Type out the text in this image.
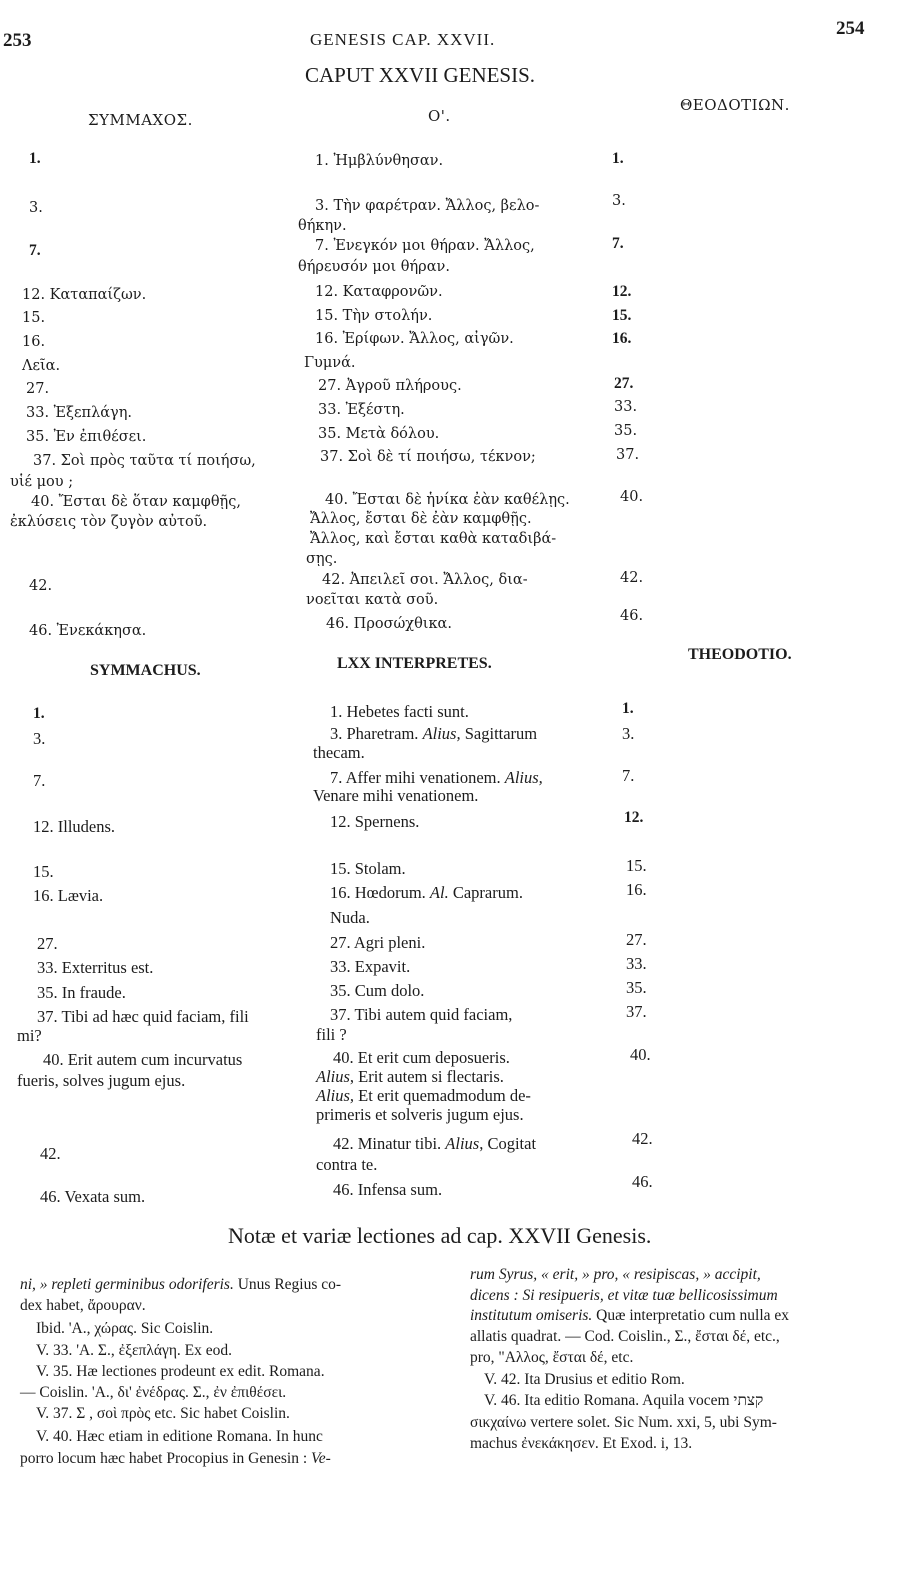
253
254
GENESIS CAP. XXVII.
CAPUT XXVII GENESIS.
ΣΥΜΜΑΧΟΣ.	O'.
ΘΕΟΔΟΤΙΩΝ.
1.
3.
7.
12. Καταπαίζων.
15.
16.
Λεῖα.
27.
33. Ἐξεπλάγη.
35. Ἐν ἐπιθέσει.
37. Σοὶ πρὸς ταῦτα τί ποιήσω,
υἱέ μου ;
40. Ἔσται δὲ ὅταν καμφθῇς,
ἐκλύσεις τὸν ζυγὸν αὐτοῦ.
42.
46. Ἐνεκάκησα.
1. Ἠμβλύνθησαν.
3. Τὴν φαρέτραν. Ἄλλος, βελο-
θήκην.
7. Ἐνεγκόν μοι θήραν. Ἄλλος,
θήρευσόν μοι θήραν.
12. Καταφρονῶν.
15. Τὴν στολήν.
16. Ἐρίφων. Ἄλλος, αἰγῶν.
Γυμνά.
27. Ἀγροῦ πλήρους.
33. Ἐξέστη.
35. Μετὰ δόλου.
37. Σοὶ δὲ τί ποιήσω, τέκνον;
40. Ἔσται δὲ ἡνίκα ἐὰν καθέλῃς.
Ἄλλος, ἔσται δὲ ἐὰν καμφθῇς.
Ἄλλος, καὶ ἔσται καθὰ καταδιβά-
σῃς.
42. Ἀπειλεῖ σοι. Ἄλλος, δια-
νοεῖται κατὰ σοῦ.
46. Προσώχθικα.
1.
3.
7.
12.
15.
16.
27.
33.
35.
37.
40.
42.
46.
SYMMACHUS.	LXX INTERPRETES.
THEODOTIO.
1.
3.
7.
12. Illudens.
15.
16. Lævia.
27.
33. Exterritus est.
35. In fraude.
37. Tibi ad hæc quid faciam, fili
mi?
40. Erit autem cum incurvatus
fueris, solves jugum ejus.
42.
46. Vexata sum.
1. Hebetes facti sunt.
3. Pharetram. Alius, Sagittarum
thecam.
7. Affer mihi venationem. Alius,
Venare mihi venationem.
12. Spernens.
15. Stolam.
16. Hœdorum. Al. Caprarum.
Nuda.
27. Agri pleni.
33. Expavit.
35. Cum dolo.
37. Tibi autem quid faciam,
fili ?
40. Et erit cum deposueris.
Alius, Erit autem si flectaris.
Alius, Et erit quemadmodum de-
primeris et solveris jugum ejus.
42. Minatur tibi. Alius, Cogitat
contra te.
46. Infensa sum.
1.
3.
7.
12.
15.
16.
27.
33.
35.
37.
40.
42.
46.
Notæ et variæ lectiones ad cap. XXVII Genesis.
ni, » repleti germinibus odoriferis. Unus Regius co-
dex habet, ἄρουραν.
Ibid. 'Α., χώρας. Sic Coislin.
V. 33. 'Α. Σ., ἐξεπλάγη. Ex eod.
V. 35. Hæ lectiones prodeunt ex edit. Romana.
— Coislin. 'Α., δι' ἐνέδρας. Σ., ἐν ἐπιθέσει.
V. 37. Σ , σοὶ πρὸς etc. Sic habet Coislin.
V. 40. Hæc etiam in editione Romana. In hunc
porro locum hæc habet Procopius in Genesin : Ve-
rum Syrus, « erit, » pro, « resipiscas, » accipit,
dicens : Si resipueris, et vitæ tuæ bellicosissimum
institutum omiseris. Quæ interpretatio cum nulla ex
allatis quadrat. — Cod. Coislin., Σ., ἔσται δέ, etc.,
pro, "Αλλος, ἔσται δέ, etc.
V. 42. Ita Drusius et editio Rom.
V. 46. Ita editio Romana. Aquila vocem קצתי
σικχαίνω vertere solet. Sic Num. xxi, 5, ubi Sym-
machus ἐνεκάκησεν. Et Exod. i, 13.
